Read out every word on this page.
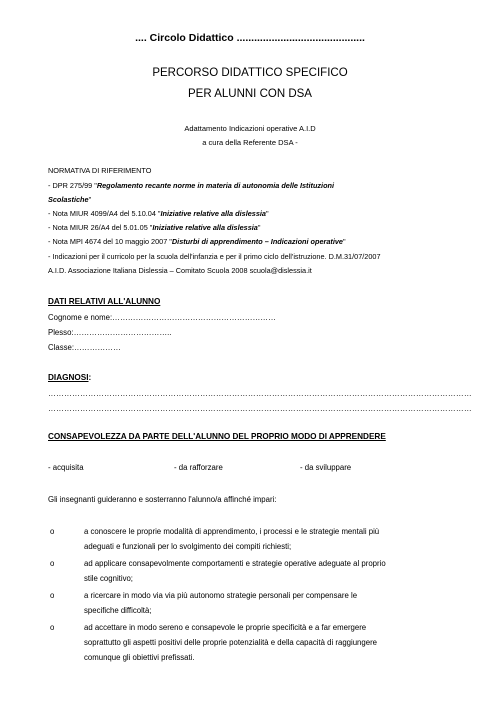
.... Circolo Didattico ............................................
PERCORSO DIDATTICO SPECIFICO
PER ALUNNI CON DSA
Adattamento Indicazioni operative A.I.D
a cura della Referente DSA -
NORMATIVA DI RIFERIMENTO
- DPR 275/99 "Regolamento recante norme in materia di autonomia delle Istituzioni
Scolastiche"
- Nota MIUR 4099/A4 del 5.10.04 "Iniziative relative alla dislessia"
- Nota MIUR 26/A4 del 5.01.05 "Iniziative relative alla dislessia"
- Nota MPI 4674 del 10 maggio 2007 "Disturbi di apprendimento – Indicazioni operative"
- Indicazioni per il curricolo per la scuola dell'infanzia e per il primo ciclo dell'istruzione. D.M.31/07/2007
A.I.D. Associazione Italiana Dislessia – Comitato Scuola 2008 scuola@dislessia.it
DATI RELATIVI ALL'ALUNNO
Cognome e nome:………………………………………………………
Plesso:………………………………..
Classe:………………
DIAGNOSI:
……………………………………………………………………………………………………………………………………………
……………………………………………………………………………………………………………………………………………
CONSAPEVOLEZZA DA PARTE DELL'ALUNNO DEL PROPRIO MODO DI APPRENDERE
- acquisita	- da rafforzare	- da sviluppare
Gli insegnanti guideranno e sosterranno l'alunno/a affinché impari:
o	a conoscere le proprie modalità di apprendimento, i processi e le strategie mentali più
adeguati e funzionali per lo svolgimento dei compiti richiesti;
o	ad applicare consapevolmente comportamenti e strategie operative adeguate al proprio
stile cognitivo;
o	a ricercare in modo via via più autonomo strategie personali per compensare le
specifiche difficoltà;
o	ad accettare in modo sereno e consapevole le proprie specificità e a far emergere
soprattutto gli aspetti positivi delle proprie potenzialità e della capacità di raggiungere
comunque gli obiettivi prefissati.
